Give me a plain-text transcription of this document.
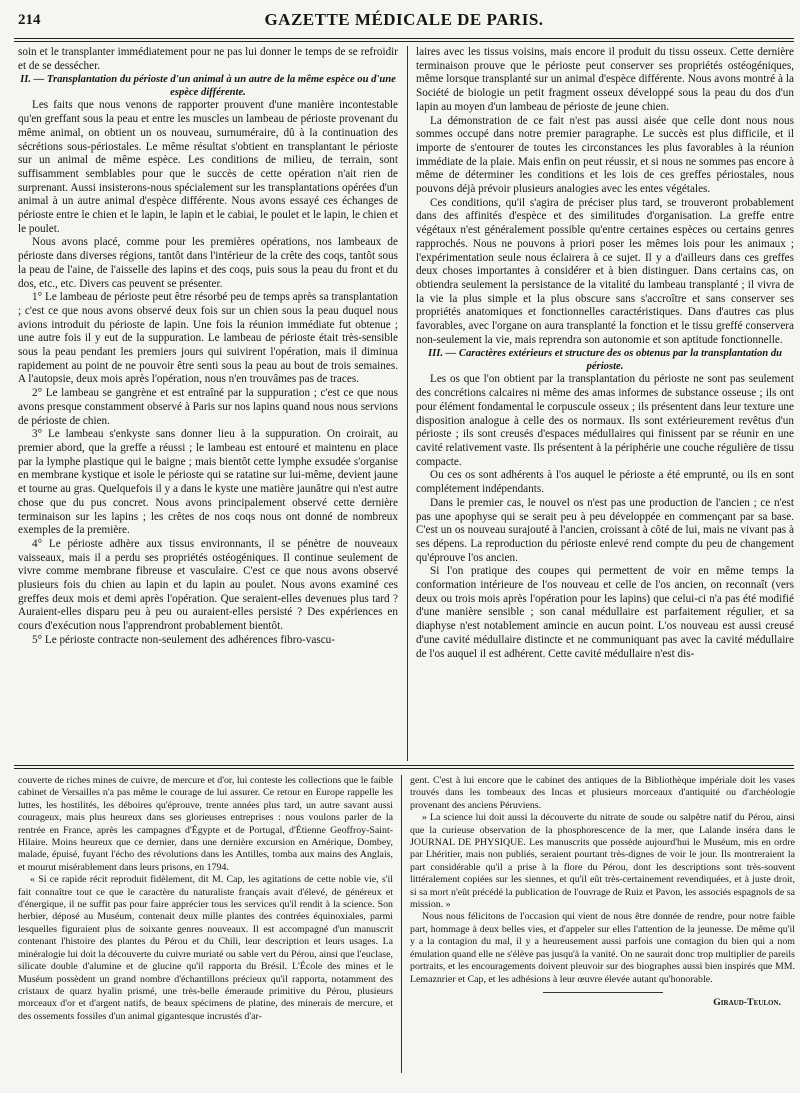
214	GAZETTE MÉDICALE DE PARIS.

soin et le transplanter immédiatement pour ne pas lui donner le temps de se refroidir et de se dessécher.

II. — Transplantation du périoste d'un animal à un autre de la même espèce ou d'une espèce différente.

Les faits que nous venons de rapporter prouvent d'une manière incontestable qu'en greffant sous la peau et entre les muscles un lambeau de périoste provenant du même animal, on obtient un os nouveau, surnuméraire, dû à la continuation des sécrétions sous-périostales. Le même résultat s'obtient en transplantant le périoste sur un animal de même espèce. Les conditions de milieu, de terrain, sont suffisamment semblables pour que le succès de cette opération n'ait rien de surprenant. Aussi insisterons-nous spécialement sur les transplantations opérées d'un animal à un autre animal d'espèce différente. Nous avons essayé ces échanges de périoste entre le chien et le lapin, le lapin et le cabiai, le poulet et le lapin, le chien et le poulet.

Nous avons placé, comme pour les premières opérations, nos lambeaux de périoste dans diverses régions, tantôt dans l'intérieur de la crête des coqs, tantôt sous la peau de l'aine, de l'aisselle des lapins et des coqs, puis sous la peau du front et du dos, etc., etc. Divers cas peuvent se présenter.

1° Le lambeau de périoste peut être résorbé peu de temps après sa transplantation ; c'est ce que nous avons observé deux fois sur un chien sous la peau duquel nous avions introduit du périoste de lapin. Une fois la réunion immédiate fut obtenue ; une autre fois il y eut de la suppuration. Le lambeau de périoste était très-sensible sous la peau pendant les premiers jours qui suivirent l'opération, mais il diminua rapidement au point de ne pouvoir être senti sous la peau au bout de trois semaines. A l'autopsie, deux mois après l'opération, nous n'en trouvâmes pas de traces.

2° Le lambeau se gangrène et est entraîné par la suppuration ; c'est ce que nous avons presque constamment observé à Paris sur nos lapins quand nous nous servions de périoste de chien.

3° Le lambeau s'enkyste sans donner lieu à la suppuration. On croirait, au premier abord, que la greffe a réussi ; le lambeau est entouré et maintenu en place par la lymphe plastique qui le baigne ; mais bientôt cette lymphe exsudée s'organise en membrane kystique et isole le périoste qui se ratatine sur lui-même, devient jaune et tourne au gras. Quelquefois il y a dans le kyste une matière jaunâtre qui n'est autre chose que du pus concret. Nous avons principalement observé cette dernière terminaison sur les lapins ; les crêtes de nos coqs nous ont donné de nombreux exemples de la première.

4° Le périoste adhère aux tissus environnants, il se pénètre de nouveaux vaisseaux, mais il a perdu ses propriétés ostéogéniques. Il continue seulement de vivre comme membrane fibreuse et vasculaire. C'est ce que nous avons observé plusieurs fois du chien au lapin et du lapin au poulet. Nous avons examiné ces greffes deux mois et demi après l'opération. Que seraient-elles devenues plus tard ? Auraient-elles disparu peu à peu ou auraient-elles persisté ? Des expériences en cours d'exécution nous l'apprendront probablement bientôt.

5° Le périoste contracte non-seulement des adhérences fibro-vascu-

laires avec les tissus voisins, mais encore il produit du tissu osseux. Cette dernière terminaison prouve que le périoste peut conserver ses propriétés ostéogéniques, même lorsque transplanté sur un animal d'espèce différente. Nous avons montré à la Société de biologie un petit fragment osseux développé sous la peau du dos d'un lapin au moyen d'un lambeau de périoste de jeune chien.

La démonstration de ce fait n'est pas aussi aisée que celle dont nous nous sommes occupé dans notre premier paragraphe. Le succès est plus difficile, et il importe de s'entourer de toutes les circonstances les plus favorables à la réunion immédiate de la plaie. Mais enfin on peut réussir, et si nous ne sommes pas encore à même de déterminer les conditions et les lois de ces greffes périostales, nous pouvons déjà prévoir plusieurs analogies avec les entes végétales.

Ces conditions, qu'il s'agira de préciser plus tard, se trouveront probablement dans des affinités d'espèce et des similitudes d'organisation. La greffe entre végétaux n'est généralement possible qu'entre certaines espèces ou certains genres rapprochés. Nous ne pouvons à priori poser les mêmes lois pour les animaux ; l'expérimentation seule nous éclairera à ce sujet. Il y a d'ailleurs dans ces greffes deux choses importantes à considérer et à bien distinguer. Dans certains cas, on obtiendra seulement la persistance de la vitalité du lambeau transplanté ; il vivra de la vie la plus simple et la plus obscure sans s'accroître et sans conserver ses propriétés anatomiques et fonctionnelles caractéristiques. Dans d'autres cas plus favorables, avec l'organe on aura transplanté la fonction et le tissu greffé conservera non-seulement la vie, mais reprendra son autonomie et son aptitude fonctionnelle.

III. — Caractères extérieurs et structure des os obtenus par la transplantation du périoste.

Les os que l'on obtient par la transplantation du périoste ne sont pas seulement des concrétions calcaires ni même des amas informes de substance osseuse ; ils ont pour élément fondamental le corpuscule osseux ; ils présentent dans leur texture une disposition analogue à celle des os normaux. Ils sont extérieurement revêtus d'un périoste ; ils sont creusés d'espaces médullaires qui finissent par se réunir en une cavité relativement vaste. Ils présentent à la périphérie une couche régulière de tissu compacte.

Ou ces os sont adhérents à l'os auquel le périoste a été emprunté, ou ils en sont complétement indépendants.

Dans le premier cas, le nouvel os n'est pas une production de l'ancien ; ce n'est pas une apophyse qui se serait peu à peu développée en commençant par sa base. C'est un os nouveau surajouté à l'ancien, croissant à côté de lui, mais ne vivant pas à ses dépens. La reproduction du périoste enlevé rend compte du peu de changement qu'éprouve l'os ancien.

Si l'on pratique des coupes qui permettent de voir en même temps la conformation intérieure de l'os nouveau et celle de l'os ancien, on reconnaît (vers deux ou trois mois après l'opération pour les lapins) que celui-ci n'a pas été modifié d'une manière sensible ; son canal médullaire est parfaitement régulier, et sa diaphyse n'est notablement amincie en aucun point. L'os nouveau est aussi creusé d'une cavité médullaire distincte et ne communiquant pas avec la cavité médullaire de l'os auquel il est adhérent. Cette cavité médullaire n'est dis-

couverte de riches mines de cuivre, de mercure et d'or, lui conteste les collections que le faible cabinet de Versailles n'a pas même le courage de lui assurer. Ce retour en Europe rappelle les luttes, les hostilités, les déboires qu'éprouve, trente années plus tard, un autre savant aussi courageux, mais plus heureux dans ses glorieuses entreprises : nous voulons parler de la rentrée en France, après les campagnes d'Égypte et de Portugal, d'Étienne Geoffroy-Saint-Hilaire. Moins heureux que ce dernier, dans une dernière excursion en Amérique, Dombey, malade, épuisé, fuyant l'écho des révolutions dans les Antilles, tomba aux mains des Anglais, et mourut misérablement dans leurs prisons, en 1794.

« Si ce rapide récit reproduit fidèlement, dit M. Cap, les agitations de cette noble vie, s'il fait connaître tout ce que le caractère du naturaliste français avait d'élevé, de généreux et d'énergique, il ne suffit pas pour faire apprécier tous les services qu'il rendit à la science. Son herbier, déposé au Muséum, contenait deux mille plantes des contrées équinoxiales, parmi lesquelles figuraient plus de soixante genres nouveaux. Il est accompagné d'un manuscrit contenant l'histoire des plantes du Pérou et du Chili, leur description et leurs usages. La minéralogie lui doit la découverte du cuivre muriaté ou sable vert du Pérou, ainsi que l'euclase, silicate double d'alumine et de glucine qu'il rapporta du Brésil. L'École des mines et le Muséum possèdent un grand nombre d'échantillons précieux qu'il rapporta, notamment des cristaux de quarz hyalin prismé, une très-belle émeraude primitive du Pérou, plusieurs morceaux d'or et d'argent natifs, de beaux spécimens de platine, des minerais de mercure, et des ossements fossiles d'un animal gigantesque incrustés d'ar-

gent. C'est à lui encore que le cabinet des antiques de la Bibliothèque impériale doit les vases trouvés dans les tombeaux des Incas et plusieurs morceaux d'antiquité ou d'archéologie provenant des anciens Péruviens.

» La science lui doit aussi la découverte du nitrate de soude ou salpêtre natif du Pérou, ainsi que la curieuse observation de la phosphorescence de la mer, que Lalande inséra dans le JOURNAL DE PHYSIQUE. Les manuscrits que possède aujourd'hui le Muséum, mis en ordre par Lhéritier, mais non publiés, seraient pourtant très-dignes de voir le jour. Ils montreraient la part considérable qu'il a prise à la flore du Pérou, dont les descriptions sont très-souvent littéralement copiées sur les siennes, et qu'il eût très-certainement revendiquées, et à juste droit, si sa mort n'eût précédé la publication de l'ouvrage de Ruiz et Pavon, les associés espagnols de sa mission. »

Nous nous félicitons de l'occasion qui vient de nous être donnée de rendre, pour notre faible part, hommage à deux belles vies, et d'appeler sur elles l'attention de la jeunesse. De même qu'il y a la contagion du mal, il y a heureusement aussi parfois une contagion du bien qui a nom émulation quand elle ne s'élève pas jusqu'à la vanité. On ne saurait donc trop multiplier de pareils portraits, et les encouragements doivent pleuvoir sur des biographes aussi bien inspirés que MM. Lemaznrier et Cap, et les adhésions à leur œuvre élevée autant qu'honorable.

Giraud-Teulon.
